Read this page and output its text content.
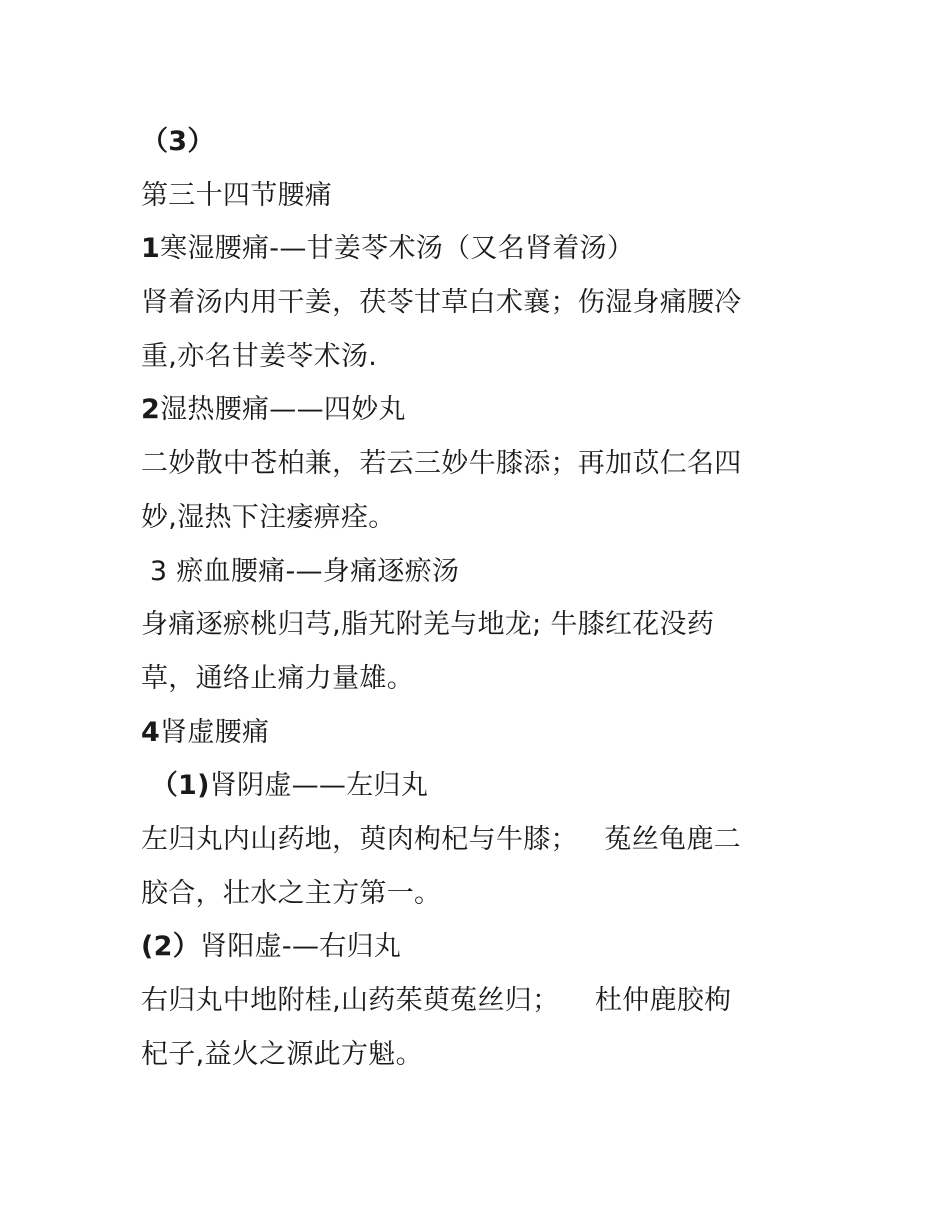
（3）
第三十四节腰痛
1寒湿腰痛-—甘姜苓术汤（又名肾着汤）
肾着汤内用干姜，茯苓甘草白术襄；伤湿身痛腰冷
重,亦名甘姜苓术汤.
2湿热腰痛——四妙丸
二妙散中苍柏兼，若云三妙牛膝添；再加苡仁名四
妙,湿热下注痿痹痊。
3 瘀血腰痛-—身痛逐瘀汤
身痛逐瘀桃归芎,脂艽附羌与地龙; 牛膝红花没药
草，通络止痛力量雄。
4肾虚腰痛
（1)肾阴虚——左归丸
左归丸内山药地，萸肉枸杞与牛膝；   菟丝龟鹿二
胶合，壮水之主方第一。
(2）肾阳虚-—右归丸
右归丸中地附桂,山药茱萸菟丝归；    杜仲鹿胶枸
杞子,益火之源此方魁。
